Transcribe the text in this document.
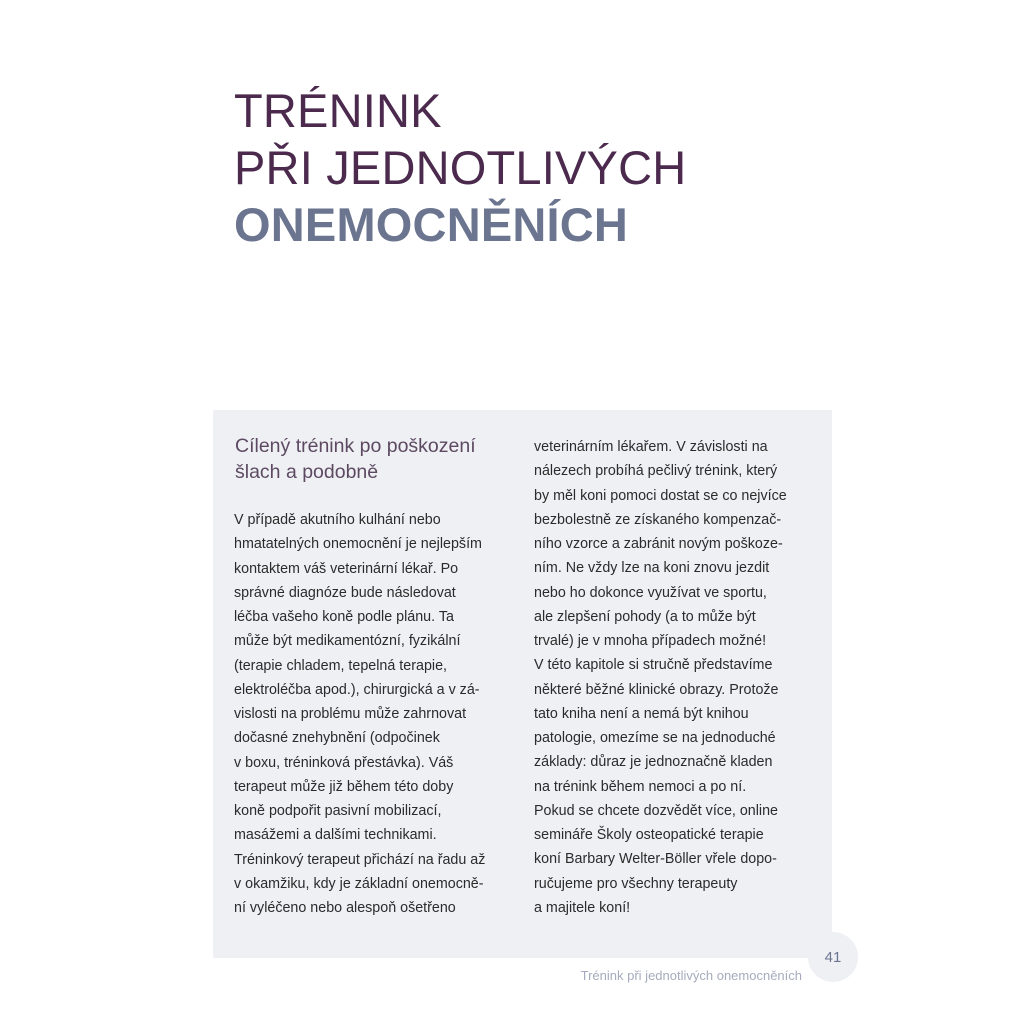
TRÉNINK
PŘI JEDNOTLIVÝCH
ONEMOCNĚNÍCH
Cílený trénink po poškození šlach a podobně
V případě akutního kulhání nebo
hmatatelných onemocnění je nejlepším
kontaktem váš veterinární lékař. Po
správné diagnóze bude následovat
léčba vašeho koně podle plánu. Ta
může být medikamentózní, fyzikální
(terapie chladem, tepelná terapie,
elektroléčba apod.), chirurgická a v zá-
vislosti na problému může zahrnovat
dočasné znehybnění (odpočinek
v boxu, tréninková přestávka). Váš
terapeut může již během této doby
koně podpořit pasivní mobilizací,
masážemi a dalšími technikami.
Tréninkový terapeut přichází na řadu až
v okamžiku, kdy je základní onemocně-
ní vyléčeno nebo alespoň ošetřeno
veterinárním lékařem. V závislosti na
nálezech probíhá pečlivý trénink, který
by měl koni pomoci dostat se co nejvíce
bezbolestně ze získaného kompenzač-
ního vzorce a zabránit novým poškoze-
ním. Ne vždy lze na koni znovu jezdit
nebo ho dokonce využívat ve sportu,
ale zlepšení pohody (a to může být
trvalé) je v mnoha případech možné!
V této kapitole si stručně představíme
některé běžné klinické obrazy. Protože
tato kniha není a nemá být knihou
patologie, omezíme se na jednoduché
základy: důraz je jednoznačně kladen
na trénink během nemoci a po ní.
Pokud se chcete dozvědět více, online
semináře Školy osteopatické terapie
koní Barbary Welter-Böller vřele dopo-
ručujeme pro všechny terapeuty
a majitele koní!
41
Trénink při jednotlivých onemocněních
